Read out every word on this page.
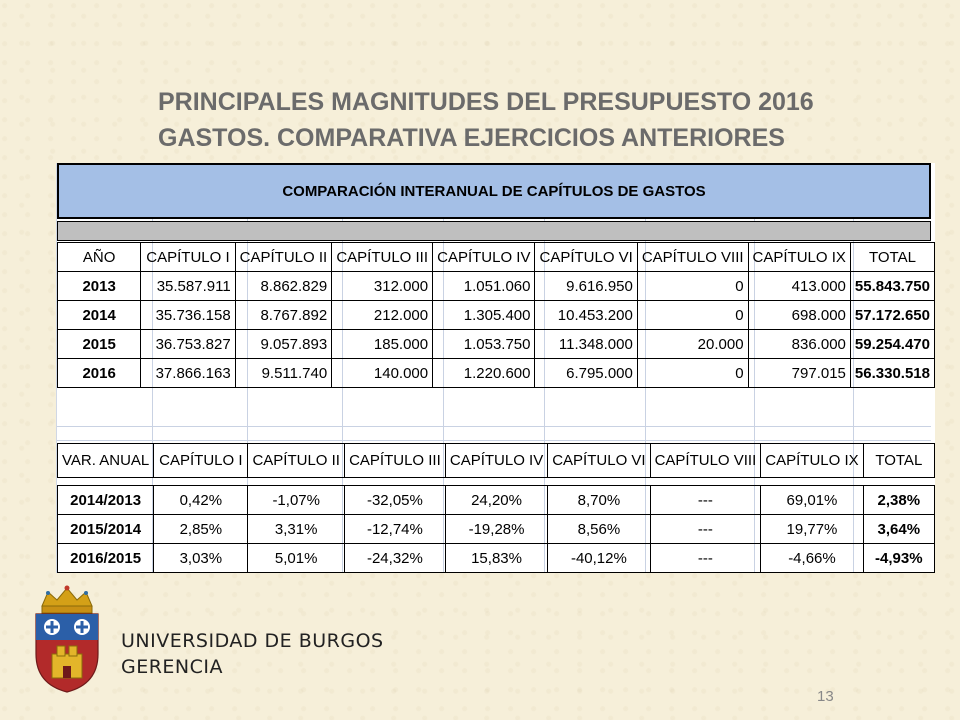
PRINCIPALES MAGNITUDES DEL PRESUPUESTO 2016
GASTOS. COMPARATIVA EJERCICIOS ANTERIORES
COMPARACIÓN INTERANUAL DE CAPÍTULOS DE GASTOS
AÑO	CAPÍTULO I	CAPÍTULO II	CAPÍTULO III	CAPÍTULO IV	CAPÍTULO VI	CAPÍTULO VIII	CAPÍTULO IX	TOTAL
2013	35.587.911	8.862.829	312.000	1.051.060	9.616.950	0	413.000	55.843.750
2014	35.736.158	8.767.892	212.000	1.305.400	10.453.200	0	698.000	57.172.650
2015	36.753.827	9.057.893	185.000	1.053.750	11.348.000	20.000	836.000	59.254.470
2016	37.866.163	9.511.740	140.000	1.220.600	6.795.000	0	797.015	56.330.518
VAR. ANUAL	CAPÍTULO I	CAPÍTULO II	CAPÍTULO III	CAPÍTULO IV	CAPÍTULO VI	CAPÍTULO VIII	CAPÍTULO IX	TOTAL

2014/2013	0,42%	-1,07%	-32,05%	24,20%	8,70%	---	69,01%	2,38%
2015/2014	2,85%	3,31%	-12,74%	-19,28%	8,56%	---	19,77%	3,64%
2016/2015	3,03%	5,01%	-24,32%	15,83%	-40,12%	---	-4,66%	-4,93%
UNIVERSIDAD DE BURGOS
GERENCIA
13
